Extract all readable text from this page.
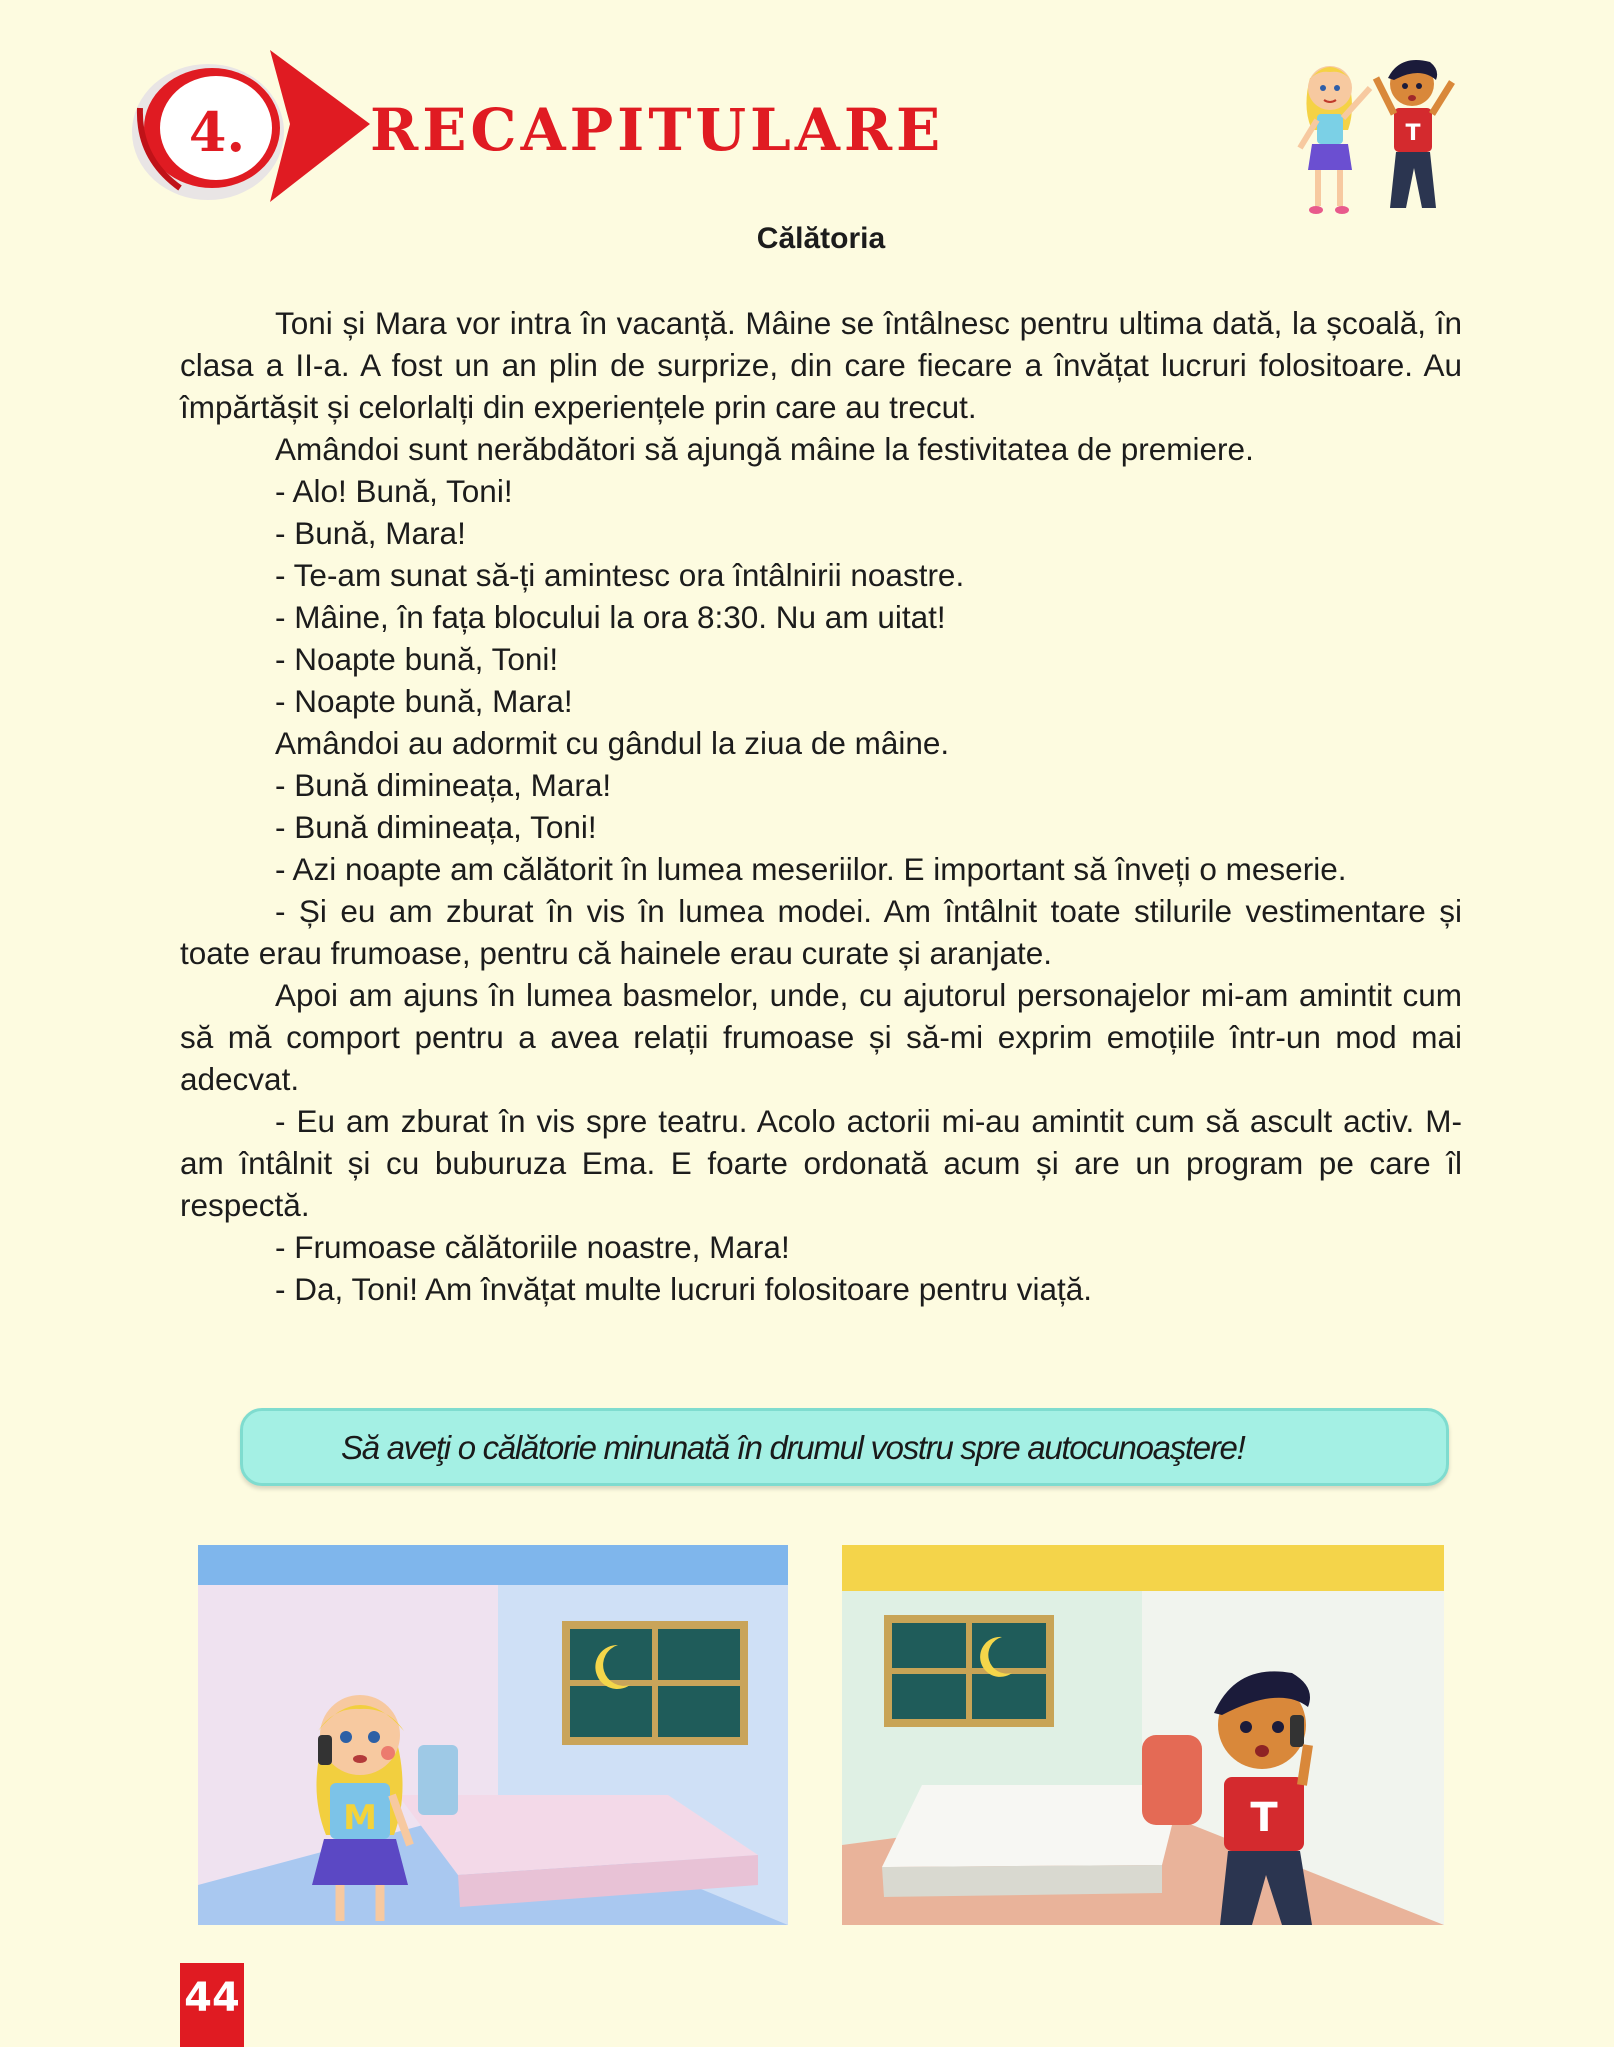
4. RECAPITULARE	T
Călătoria

Toni și Mara vor intra în vacanță. Mâine se întâlnesc pentru ultima dată, la școală, în clasa a II-a. A fost un an plin de surprize, din care fiecare a învățat lucruri folositoare. Au împărtășit și celorlalți din experiențele prin care au trecut.

Amândoi sunt nerăbdători să ajungă mâine la festivitatea de premiere.

- Alo! Bună, Toni!

- Bună, Mara!

- Te-am sunat să-ți amintesc ora întâlnirii noastre.

- Mâine, în fața blocului la ora 8:30. Nu am uitat!

- Noapte bună, Toni!

- Noapte bună, Mara!

Amândoi au adormit cu gândul la ziua de mâine.

- Bună dimineața, Mara!

- Bună dimineața, Toni!

- Azi noapte am călătorit în lumea meseriilor. E important să înveți o meserie.

- Și eu am zburat în vis în lumea modei. Am întâlnit toate stilurile vestimentare și toate erau frumoase, pentru că hainele erau curate și aranjate.

Apoi am ajuns în lumea basmelor, unde, cu ajutorul personajelor mi-am amintit cum să mă comport pentru a avea relații frumoase și să-mi exprim emoțiile într-un mod mai adecvat.

- Eu am zburat în vis spre teatru. Acolo actorii mi-au amintit cum să ascult activ. M-am întâlnit și cu buburuza Ema. E foarte ordonată acum și are un program pe care îl respectă.

- Frumoase călătoriile noastre, Mara!

- Da, Toni! Am învățat multe lucruri folositoare pentru viață.

Să aveţi o călătorie minunată în drumul vostru spre autocunoaştere!
M	T
44
